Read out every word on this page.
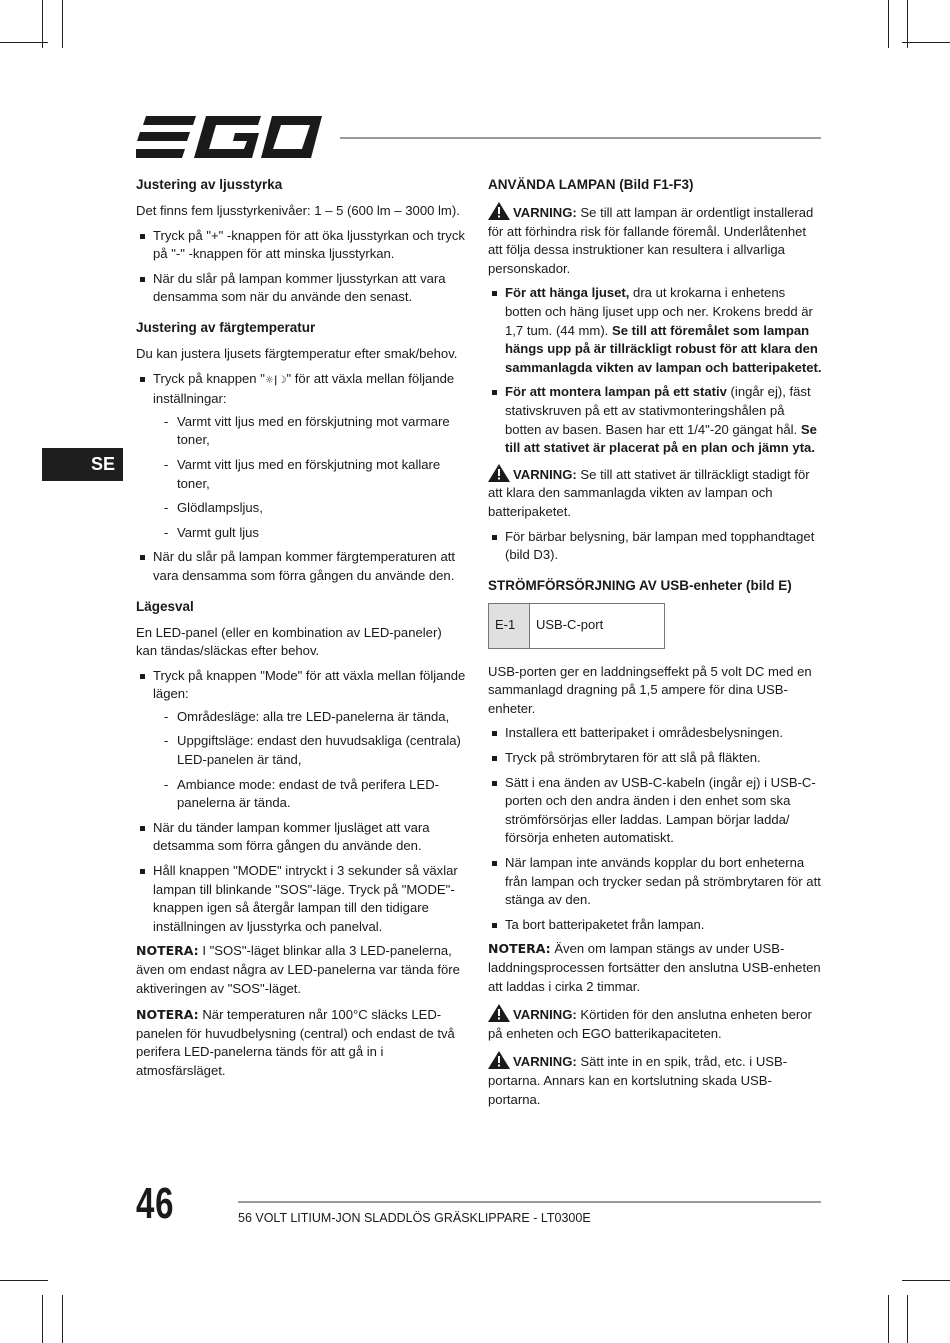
SE
Justering av ljusstyrka

Det finns fem ljusstyrkenivåer: 1 – 5 (600 lm – 3000 lm).

Tryck på "+" -knappen för att öka ljusstyrkan och tryck på "-" -knappen för att minska ljusstyrkan.
När du slår på lampan kommer ljusstyrkan att vara densamma som när du använde den senast.
Justering av färgtemperatur

Du kan justera ljusets färgtemperatur efter smak/behov.

Tryck på knappen "☼|☽" för att växla mellan följande inställningar:
- Varmt vitt ljus med en förskjutning mot varmare toner,
- Varmt vitt ljus med en förskjutning mot kallare toner,
- Glödlampsljus,
- Varmt gult ljus
När du slår på lampan kommer färgtemperaturen att vara densamma som förra gången du använde den.
Lägesval

En LED-panel (eller en kombination av LED-paneler) kan tändas/släckas efter behov.

Tryck på knappen "Mode" för att växla mellan följande lägen:
- Områdesläge: alla tre LED-panelerna är tända,
- Uppgiftsläge: endast den huvudsakliga (centrala) LED-panelen är tänd,
- Ambiance mode: endast de två perifera LED-panelerna är tända.
När du tänder lampan kommer ljusläget att vara detsamma som förra gången du använde den.
Håll knappen "MODE" intryckt i 3 sekunder så växlar lampan till blinkande "SOS"-läge. Tryck på "MODE"-knappen igen så återgår lampan till den tidigare inställningen av ljusstyrka och panelval.

NOTERA: I "SOS"-läget blinkar alla 3 LED-panelerna, även om endast några av LED-panelerna var tända före aktiveringen av "SOS"-läget.

NOTERA: När temperaturen når 100°C släcks LED-panelen för huvudbelysning (central) och endast de två perifera LED-panelerna tänds för att gå in i atmosfärsläget.

ANVÄNDA LAMPAN (Bild F1-F3)

VARNING: Se till att lampan är ordentligt installerad för att förhindra risk för fallande föremål. Underlåtenhet att följa dessa instruktioner kan resultera i allvarliga personskador.

För att hänga ljuset, dra ut krokarna i enhetens botten och häng ljuset upp och ner. Krokens bredd är 1,7 tum. (44 mm). Se till att föremålet som lampan hängs upp på är tillräckligt robust för att klara den sammanlagda vikten av lampan och batteripaketet.
För att montera lampan på ett stativ (ingår ej), fäst stativskruven på ett av stativmonteringshålen på botten av basen. Basen har ett 1/4"-20 gängat hål. Se till att stativet är placerat på en plan och jämn yta.

VARNING: Se till att stativet är tillräckligt stadigt för att klara den sammanlagda vikten av lampan och batteripaketet.

För bärbar belysning, bär lampan med topphandtaget (bild D3).
STRÖMFÖRSÖRJNING AV USB-enheter (bild E)
E-1	USB-C-port

USB-porten ger en laddningseffekt på 5 volt DC med en sammanlagd dragning på 1,5 ampere för dina USB-enheter.

Installera ett batteripaket i områdesbelysningen.
Tryck på strömbrytaren för att slå på fläkten.
Sätt i ena änden av USB-C-kabeln (ingår ej) i USB-C-porten och den andra änden i den enhet som ska strömförsörjas eller laddas. Lampan börjar ladda/ försörja enheten automatiskt.
När lampan inte används kopplar du bort enheterna från lampan och trycker sedan på strömbrytaren för att stänga av den.
Ta bort batteripaketet från lampan.

NOTERA: Även om lampan stängs av under USB-laddningsprocessen fortsätter den anslutna USB-enheten att laddas i cirka 2 timmar.

VARNING: Körtiden för den anslutna enheten beror på enheten och EGO batterikapaciteten.

VARNING: Sätt inte in en spik, tråd, etc. i USB-portarna. Annars kan en kortslutning skada USB-portarna.

46	56 VOLT LITIUM-JON SLADDLÖS GRÄSKLIPPARE - LT0300E
